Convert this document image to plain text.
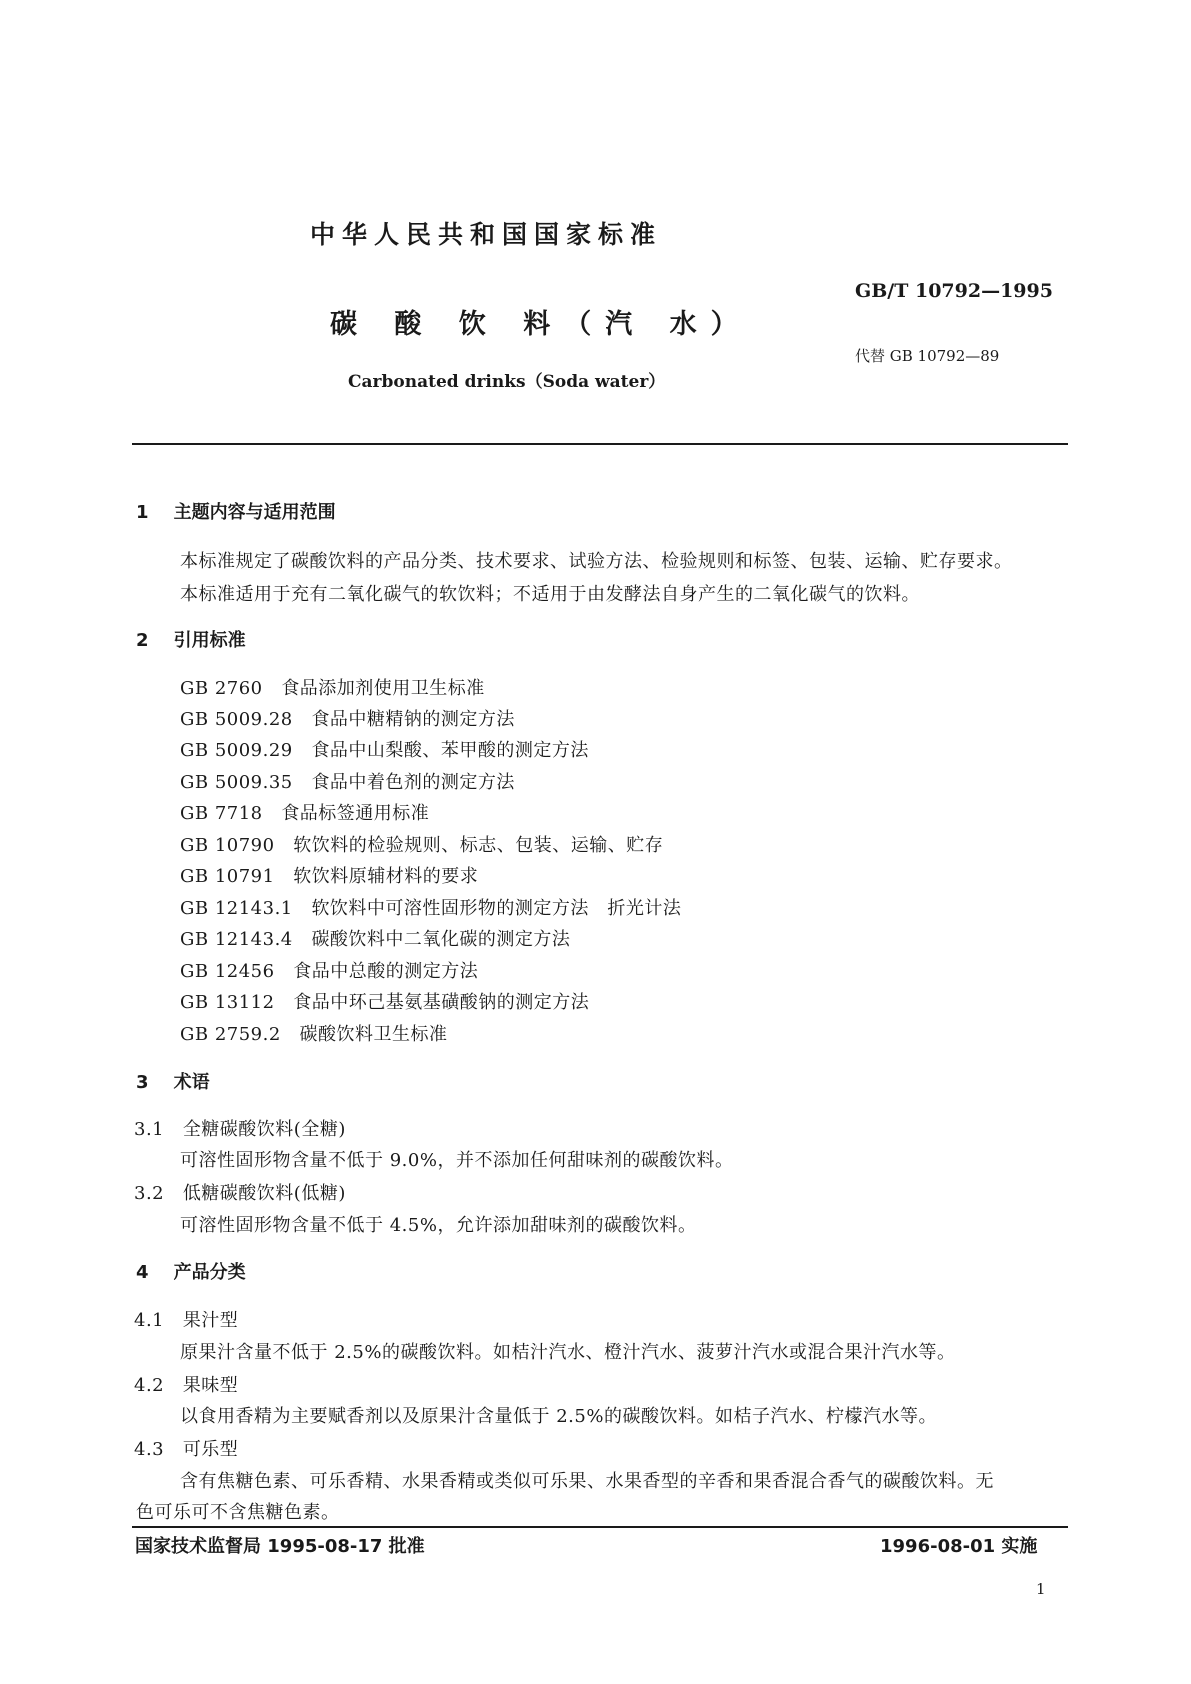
中华人民共和国国家标准
碳 酸 饮 料（汽 水）
Carbonated drinks（Soda water）
GB/T 10792—1995
代替 GB 10792—89
1 主题内容与适用范围
本标准规定了碳酸饮料的产品分类、技术要求、试验方法、检验规则和标签、包装、运输、贮存要求。
本标准适用于充有二氧化碳气的软饮料；不适用于由发酵法自身产生的二氧化碳气的饮料。
2 引用标准
GB 2760 食品添加剂使用卫生标准
GB 5009.28 食品中糖精钠的测定方法
GB 5009.29 食品中山梨酸、苯甲酸的测定方法
GB 5009.35 食品中着色剂的测定方法
GB 7718 食品标签通用标准
GB 10790 软饮料的检验规则、标志、包装、运输、贮存
GB 10791 软饮料原辅材料的要求
GB 12143.1 软饮料中可溶性固形物的测定方法　折光计法
GB 12143.4 碳酸饮料中二氧化碳的测定方法
GB 12456 食品中总酸的测定方法
GB 13112 食品中环己基氨基磺酸钠的测定方法
GB 2759.2 碳酸饮料卫生标准
3 术语
3.1 全糖碳酸饮料(全糖)
可溶性固形物含量不低于 9.0%，并不添加任何甜味剂的碳酸饮料。
3.2 低糖碳酸饮料(低糖)
可溶性固形物含量不低于 4.5%，允许添加甜味剂的碳酸饮料。
4 产品分类
4.1 果汁型
原果汁含量不低于 2.5%的碳酸饮料。如桔汁汽水、橙汁汽水、菠萝汁汽水或混合果汁汽水等。
4.2 果味型
以食用香精为主要赋香剂以及原果汁含量低于 2.5%的碳酸饮料。如桔子汽水、柠檬汽水等。
4.3 可乐型
含有焦糖色素、可乐香精、水果香精或类似可乐果、水果香型的辛香和果香混合香气的碳酸饮料。无
色可乐可不含焦糖色素。
国家技术监督局 1995-08-17 批准	1996-08-01 实施
1
